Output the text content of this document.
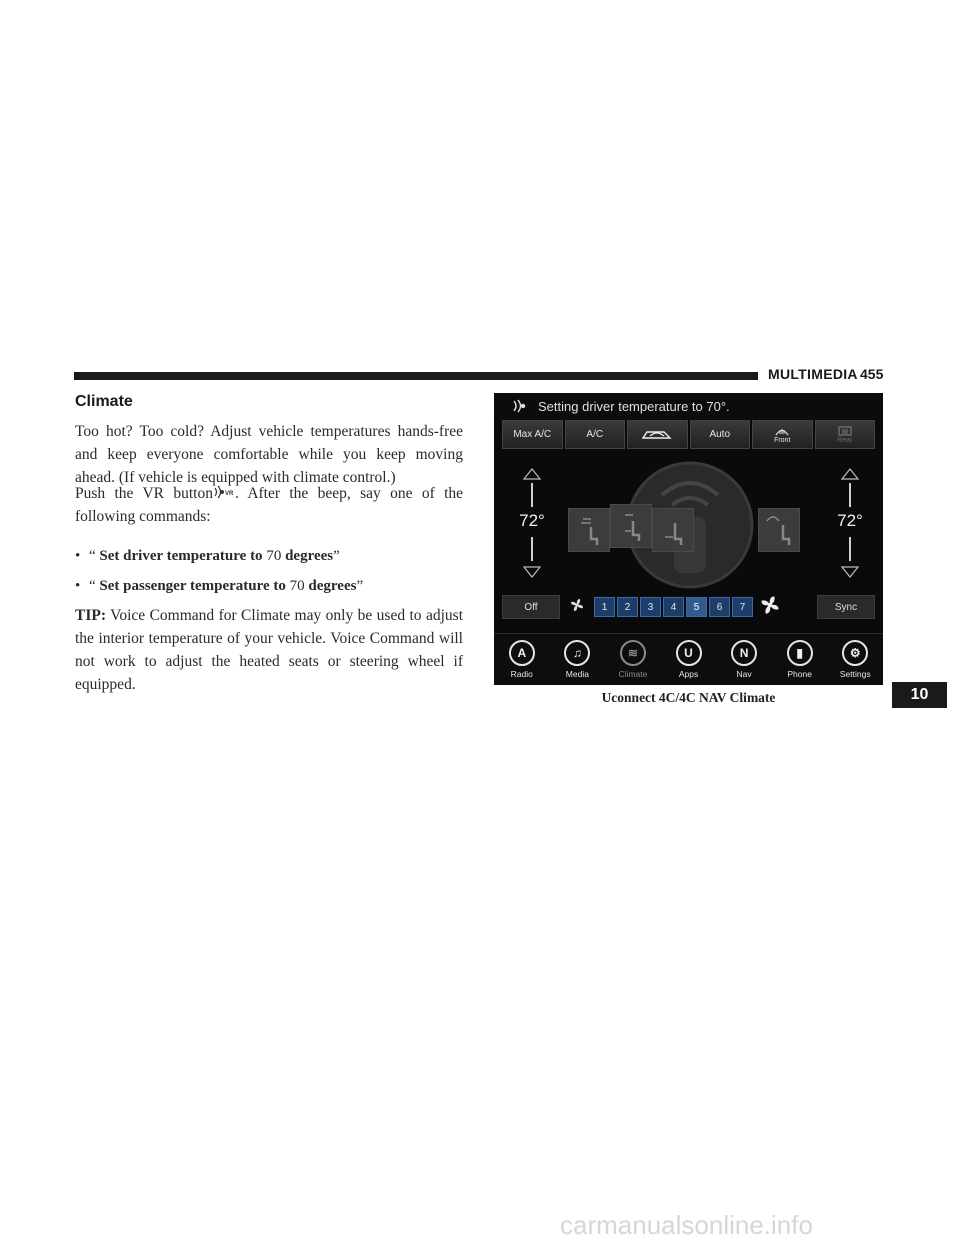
MULTIMEDIA 455
Climate
Too hot? Too cold? Adjust vehicle temperatures hands-free and keep everyone comfortable while you keep moving ahead. (If vehicle is equipped with climate control.)
Push the VR button VR . After the beep, say one of the following commands:
• “ Set driver temperature to 70 degrees”
• “ Set passenger temperature to 70 degrees”
TIP: Voice Command for Climate may only be used to adjust the interior temperature of your vehicle. Voice Command will not work to adjust the heated seats or steering wheel if equipped.
Setting driver temperature to 70°.
Max A/C	A/C	Auto	Front	Rear
72°	72°
Off	1 2 3 4 5 6 7	Sync
A
Radio
♫
Media
≋
Climate
U
Apps
N
Nav
▮
Phone
⚙
Settings
Uconnect 4C/4C NAV Climate	10
carmanualsonline.info
